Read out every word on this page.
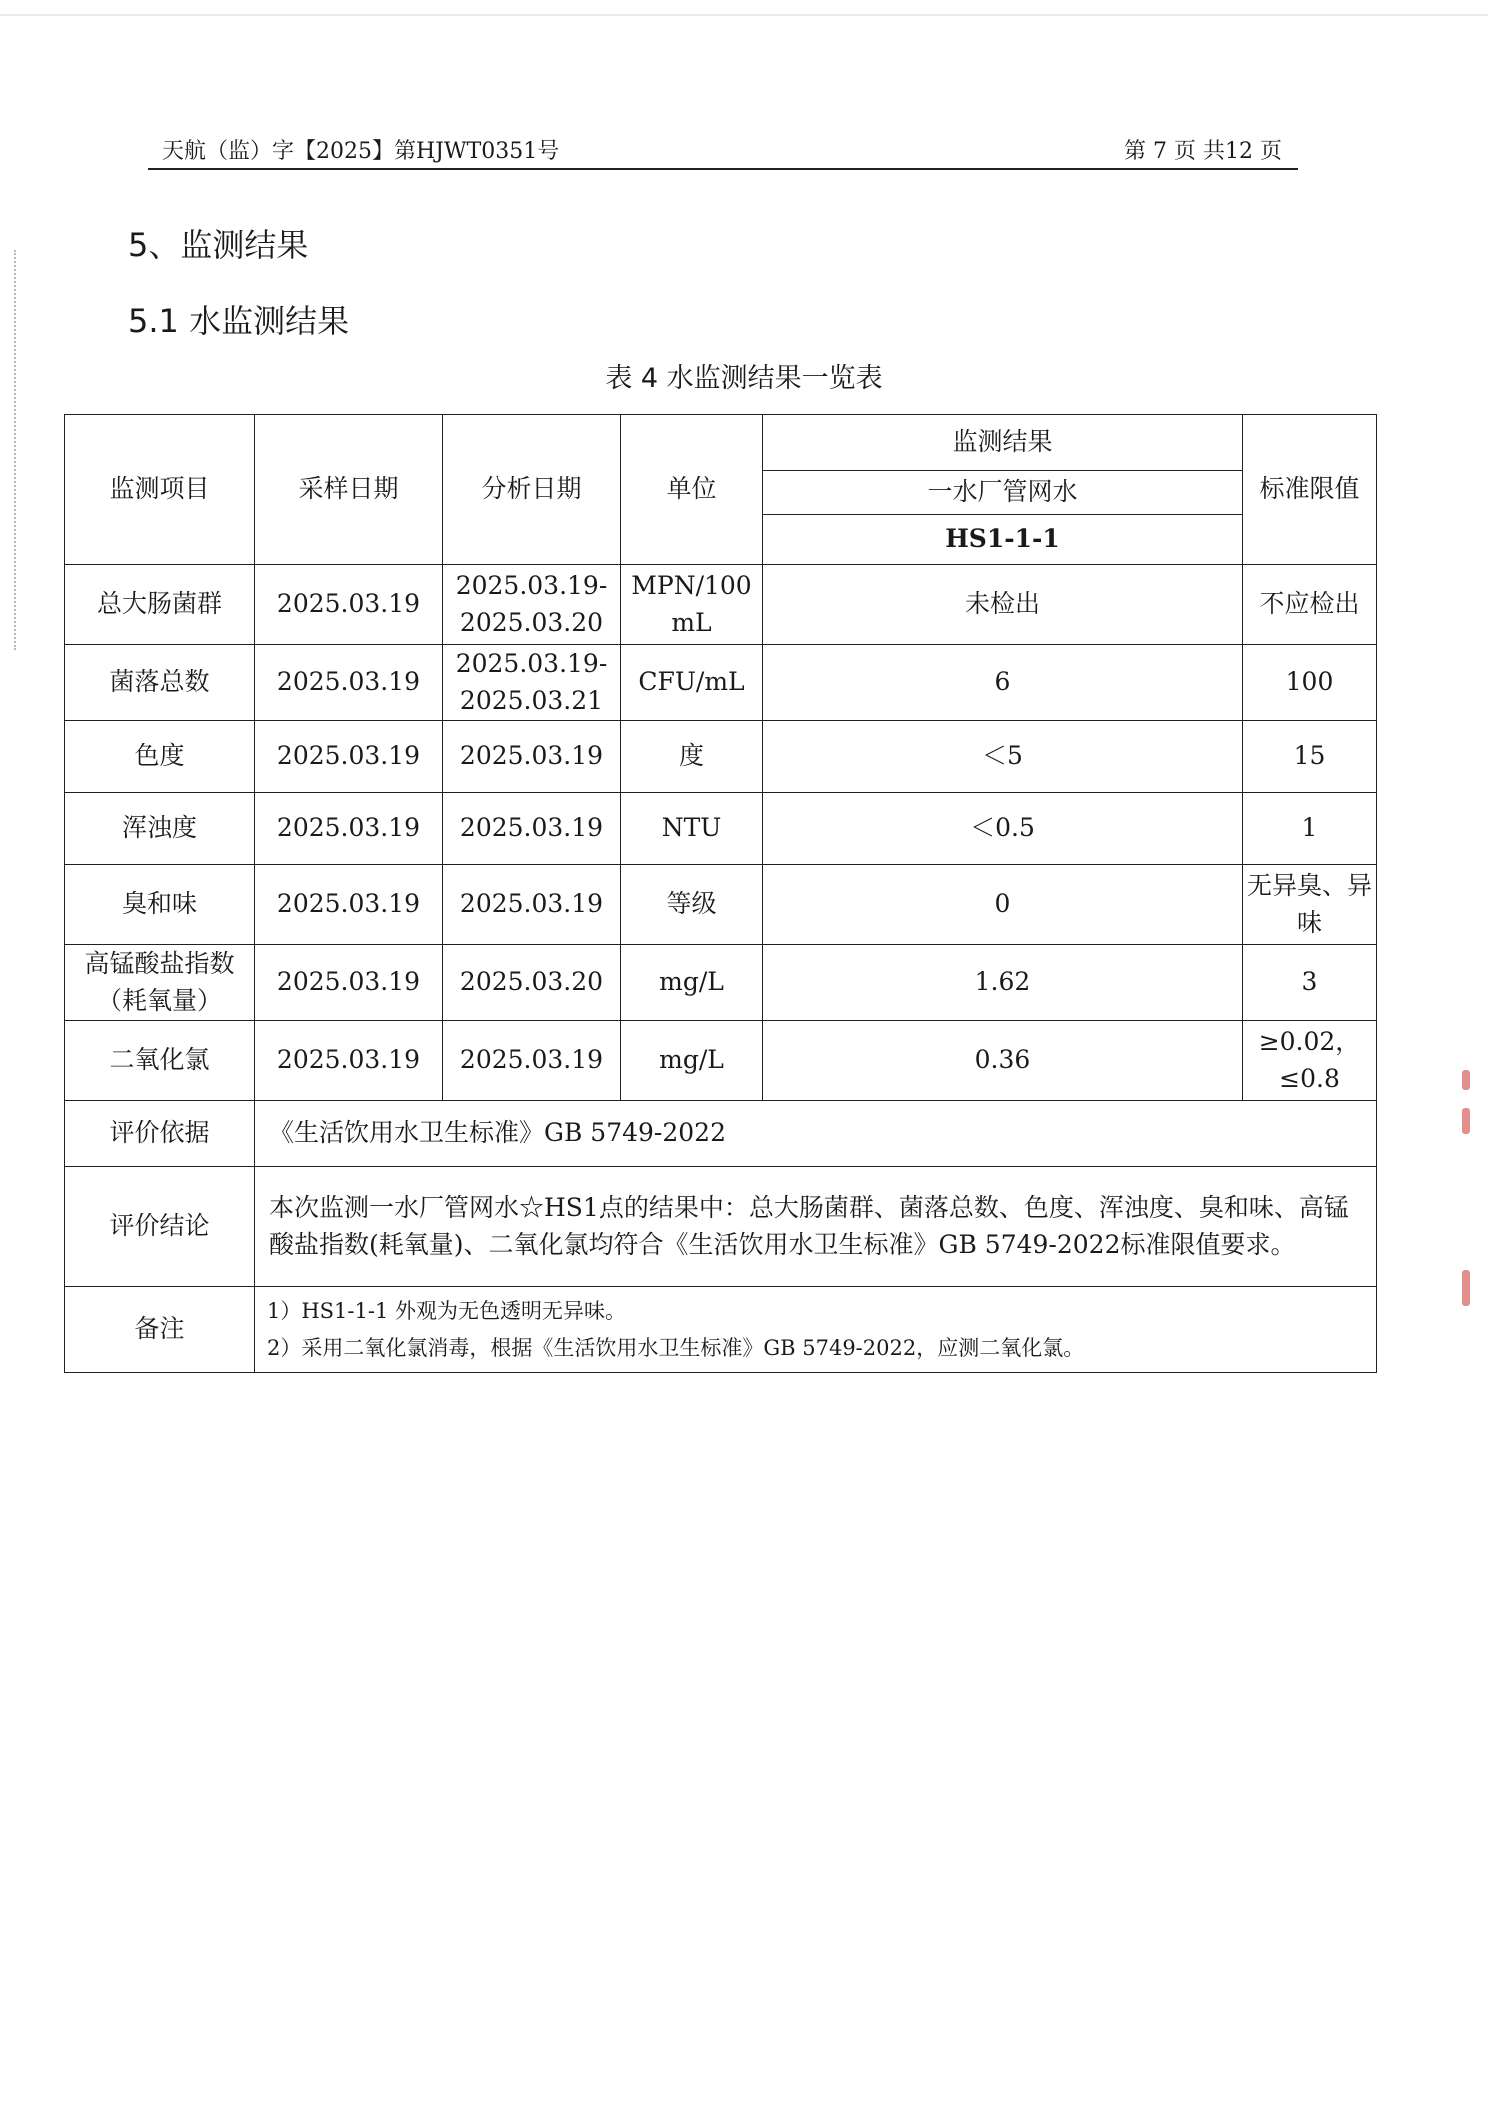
天航（监）字【2025】第HJWT0351号	第 7 页 共12 页
5、监测结果
5.1 水监测结果
表 4 水监测结果一览表
监测项目	采样日期	分析日期	单位	监测结果	标准限值
				一水厂管网水	
				HS1-1-1	
总大肠菌群	2025.03.19	2025.03.19-2025.03.20	MPN/100 mL	未检出	不应检出
菌落总数	2025.03.19	2025.03.19-2025.03.21	CFU/mL	6	100
色度	2025.03.19	2025.03.19	度	＜5	15
浑浊度	2025.03.19	2025.03.19	NTU	＜0.5	1
臭和味	2025.03.19	2025.03.19	等级	0	无异臭、异味
高锰酸盐指数（耗氧量）	2025.03.19	2025.03.20	mg/L	1.62	3
二氧化氯	2025.03.19	2025.03.19	mg/L	0.36	≥0.02，≤0.8
评价依据	《生活饮用水卫生标准》GB 5749-2022				
评价结论	本次监测一水厂管网水☆HS1点的结果中：总大肠菌群、菌落总数、色度、浑浊度、臭和味、高锰酸盐指数(耗氧量)、二氧化氯均符合《生活饮用水卫生标准》GB 5749-2022标准限值要求。				
备注	1）HS1-1-1 外观为无色透明无异味。
2）采用二氧化氯消毒，根据《生活饮用水卫生标准》GB 5749-2022，应测二氧化氯。				
